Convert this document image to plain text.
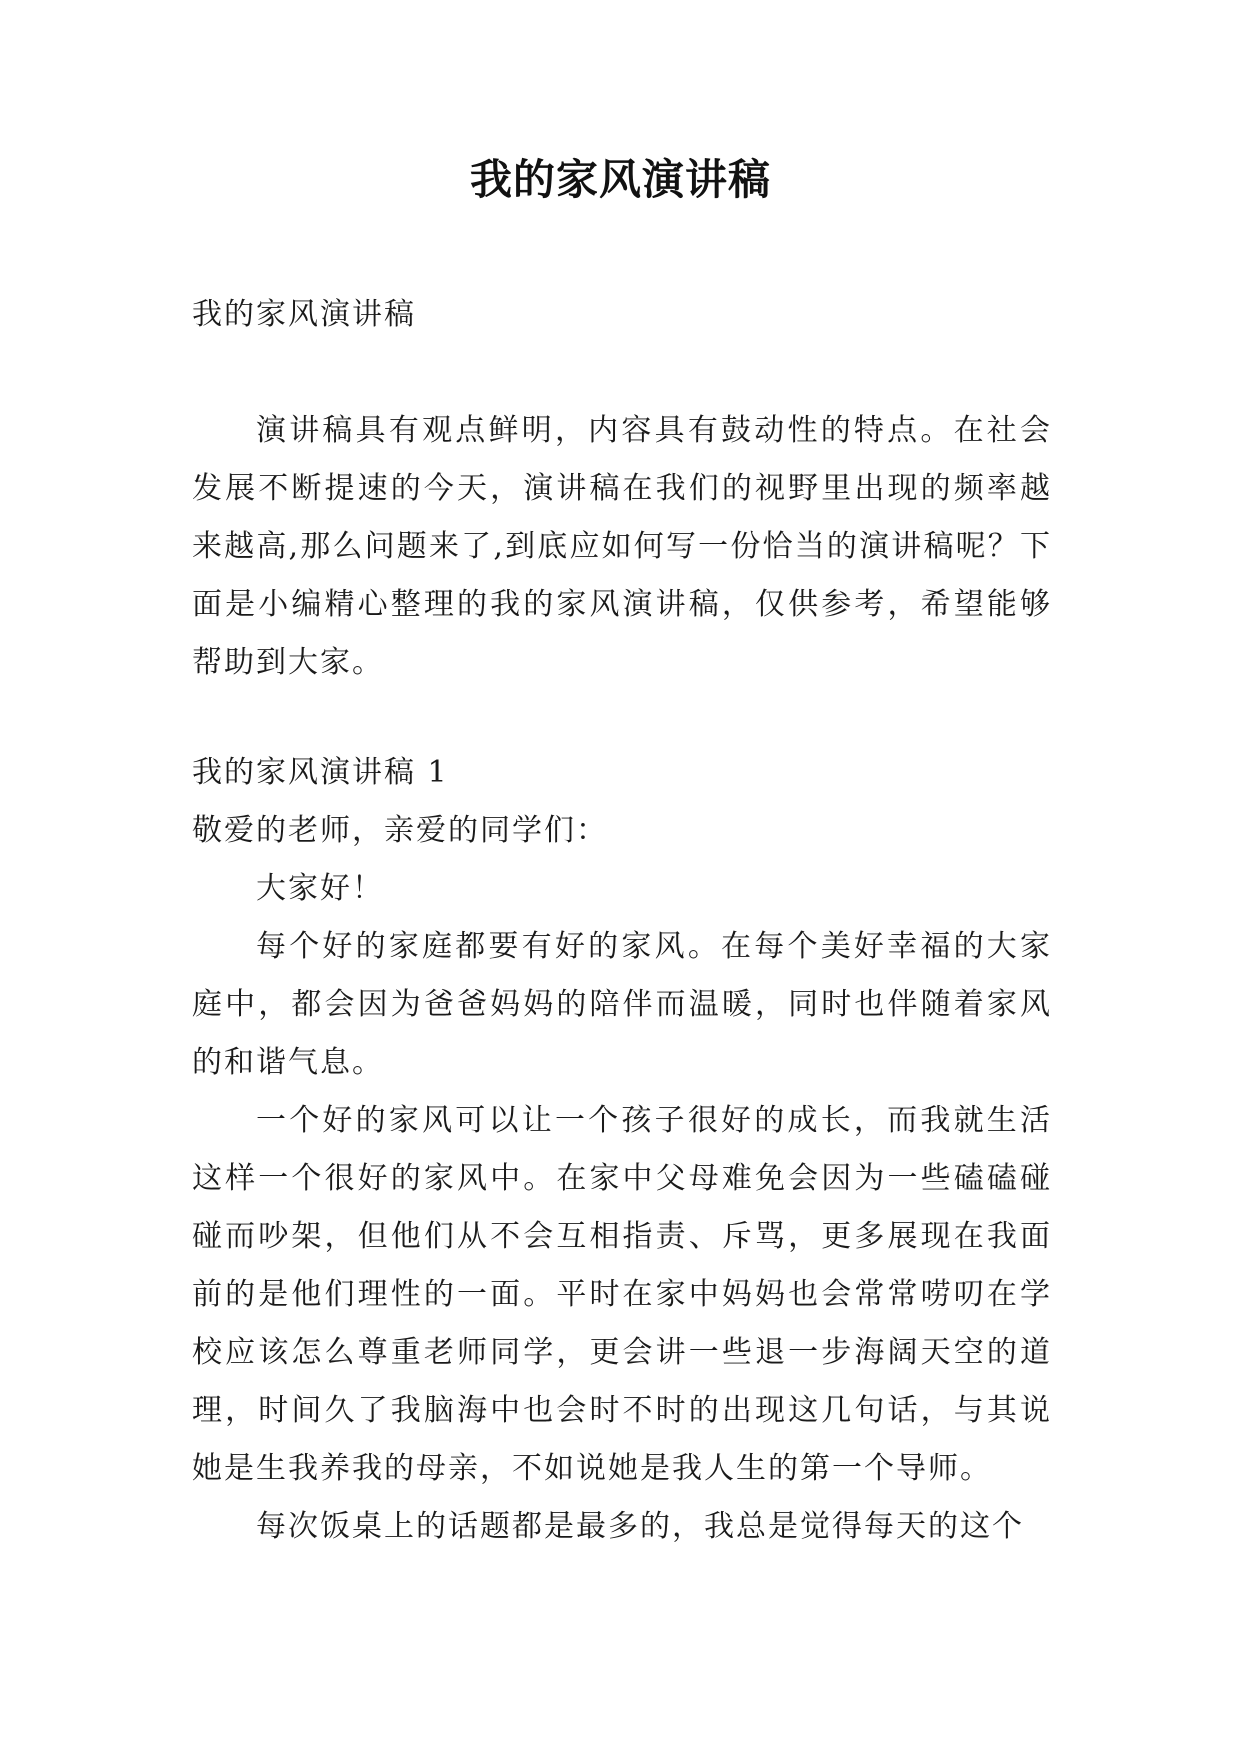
我的家风演讲稿
我的家风演讲稿
演讲稿具有观点鲜明，内容具有鼓动性的特点。在社会发展不断提速的今天，演讲稿在我们的视野里出现的频率越来越高,那么问题来了,到底应如何写一份恰当的演讲稿呢？下面是小编精心整理的我的家风演讲稿，仅供参考，希望能够帮助到大家。
我的家风演讲稿 1
敬爱的老师，亲爱的同学们：
大家好！
每个好的家庭都要有好的家风。在每个美好幸福的大家庭中，都会因为爸爸妈妈的陪伴而温暖，同时也伴随着家风的和谐气息。
一个好的家风可以让一个孩子很好的成长，而我就生活这样一个很好的家风中。在家中父母难免会因为一些磕磕碰碰而吵架，但他们从不会互相指责、斥骂，更多展现在我面前的是他们理性的一面。平时在家中妈妈也会常常唠叨在学校应该怎么尊重老师同学，更会讲一些退一步海阔天空的道理，时间久了我脑海中也会时不时的出现这几句话，与其说她是生我养我的母亲，不如说她是我人生的第一个导师。
每次饭桌上的话题都是最多的，我总是觉得每天的这个
